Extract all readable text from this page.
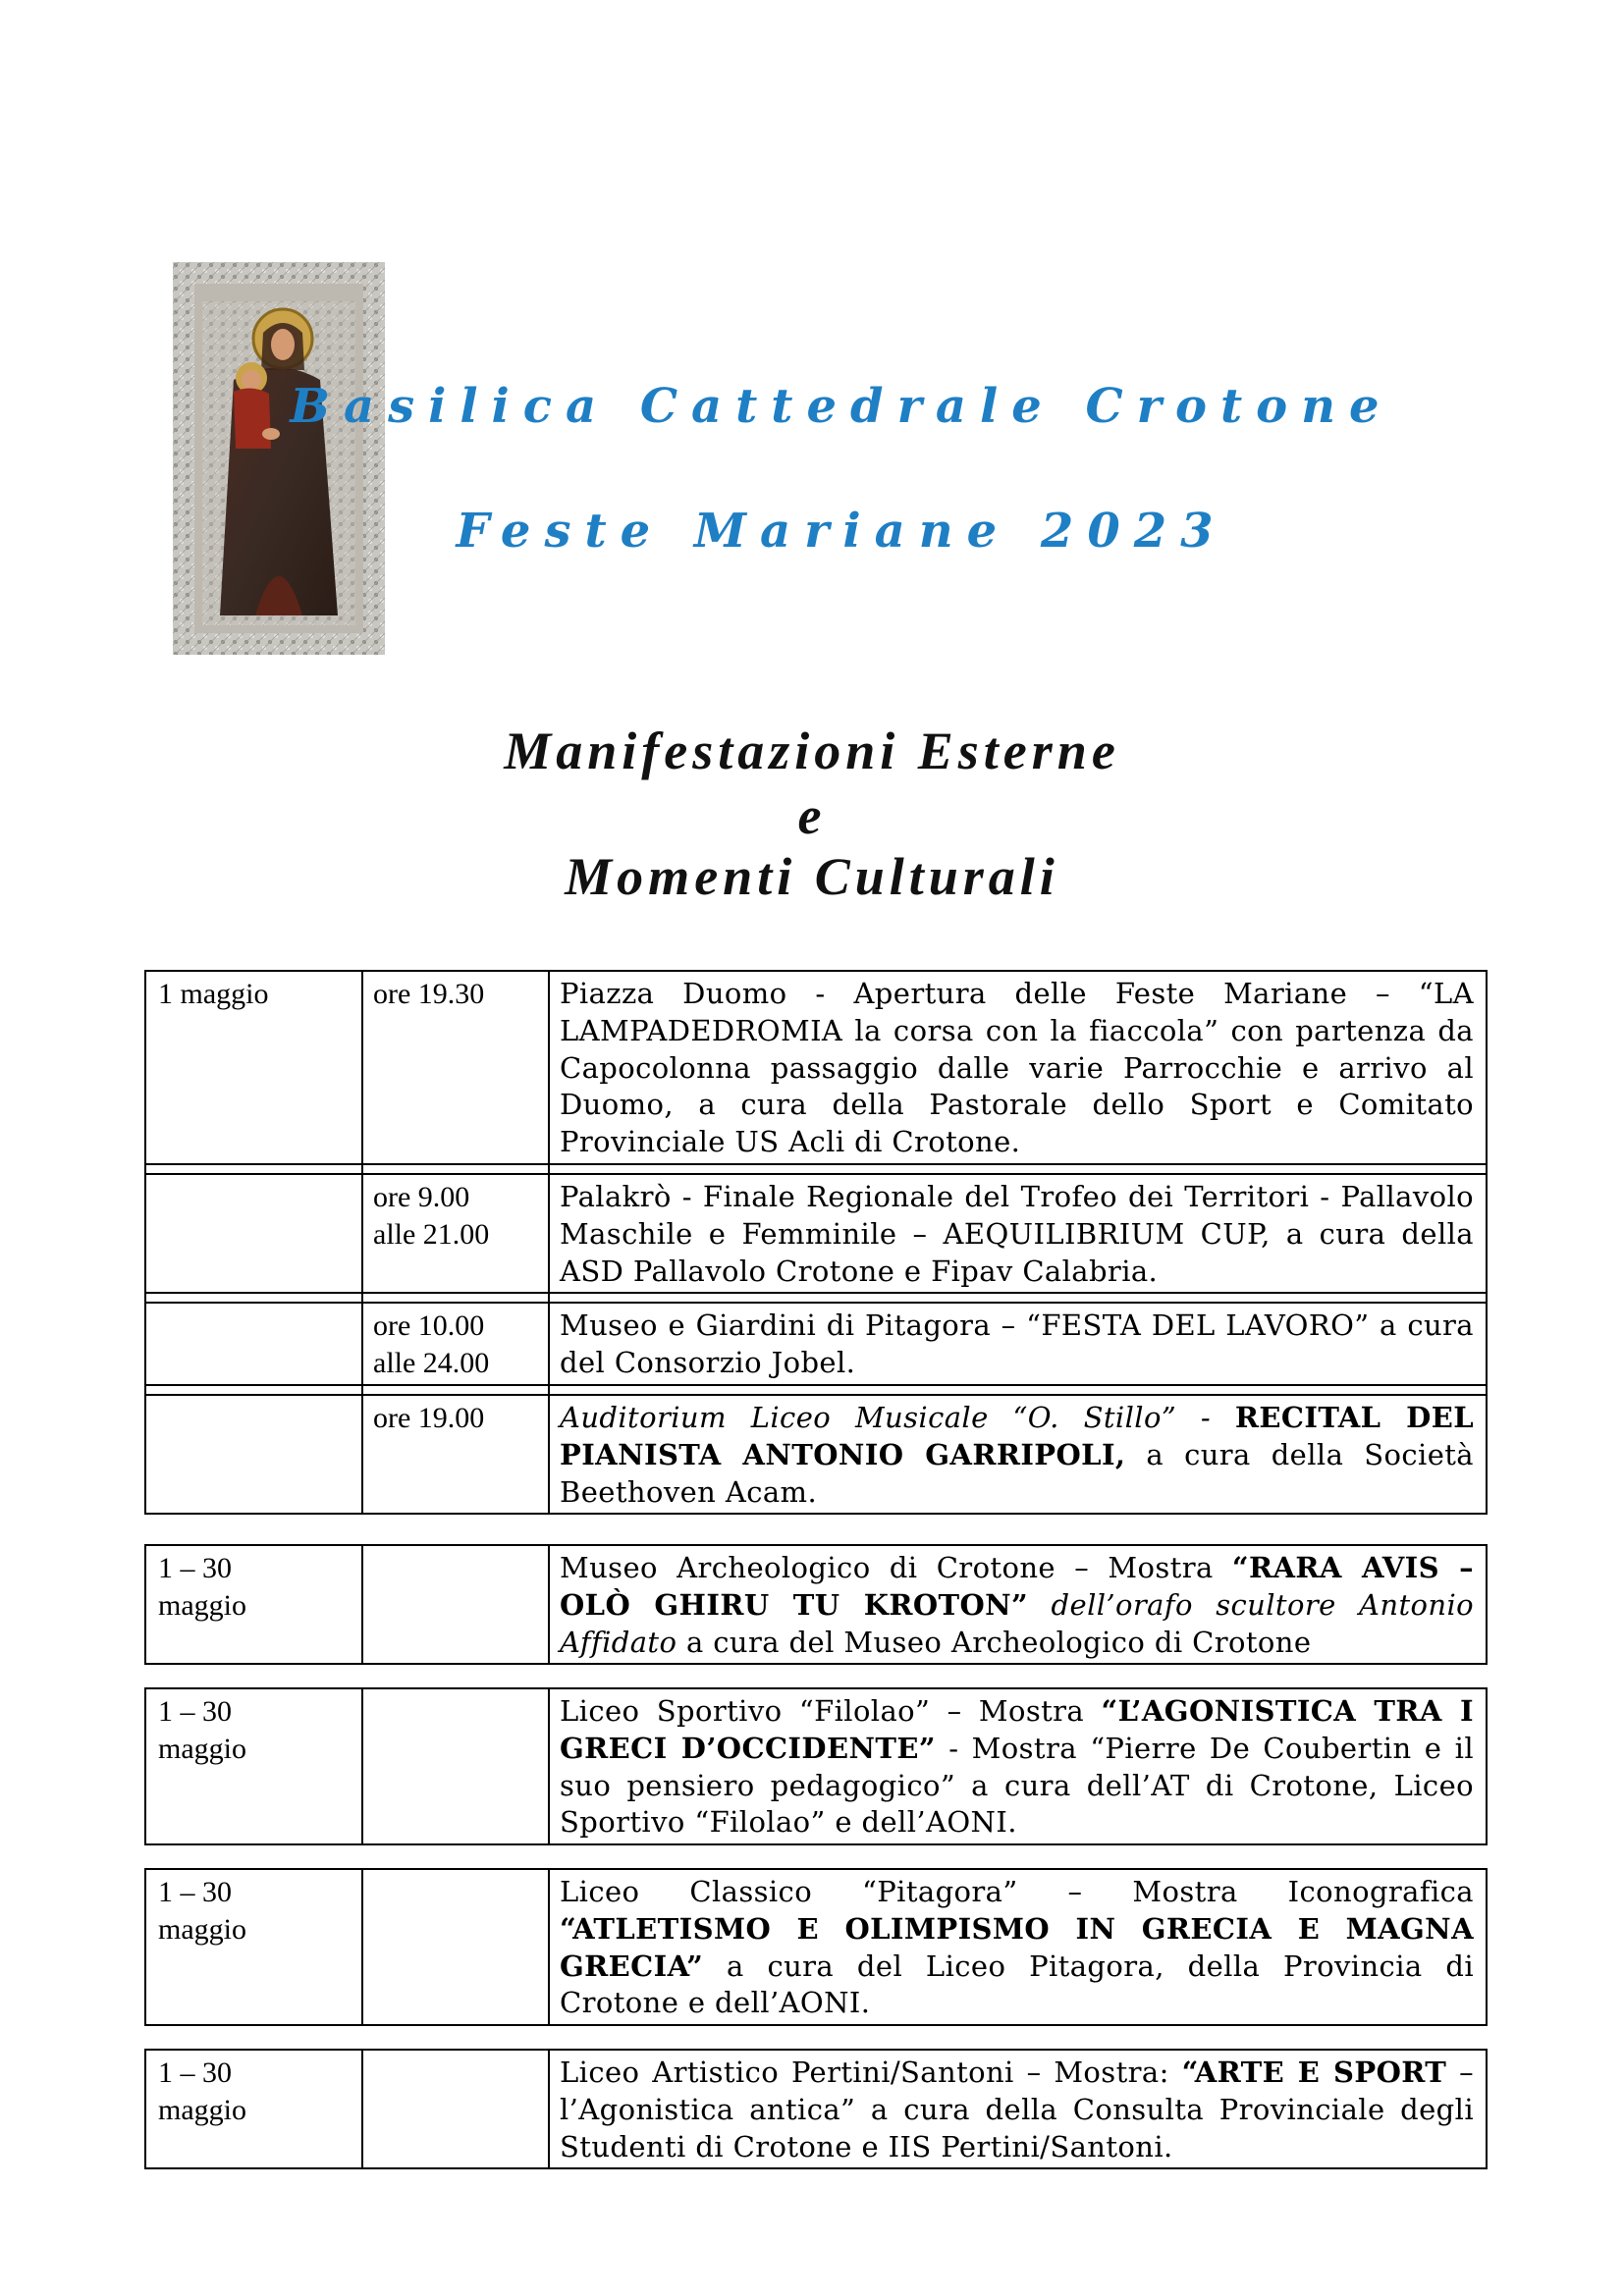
Basilica Cattedrale Crotone
Feste Mariane 2023
Manifestazioni Esterne
e
Momenti Culturali
1 maggio	ore 19.30	Piazza Duomo - Apertura delle Feste Mariane – “LA LAMPADEDROMIA la corsa con la fiaccola” con partenza da Capocolonna passaggio dalle varie Parrocchie e arrivo al Duomo, a cura della Pastorale dello Sport e Comitato Provinciale US Acli di Crotone.

	ore 9.00
alle 21.00	Palakrò - Finale Regionale del Trofeo dei Territori - Pallavolo Maschile e Femminile – AEQUILIBRIUM CUP, a cura della ASD Pallavolo Crotone e Fipav Calabria.

	ore 10.00
alle 24.00	Museo e Giardini di Pitagora – “FESTA DEL LAVORO” a cura del Consorzio Jobel.

	ore 19.00	Auditorium Liceo Musicale “O. Stillo” - RECITAL DEL PIANISTA ANTONIO GARRIPOLI, a cura della Società Beethoven Acam.
1 – 30
maggio
		Museo Archeologico di Crotone – Mostra “RARA AVIS – OLÒ GHIRU TU KROTON” dell’orafo scultore Antonio Affidato a cura del Museo Archeologico di Crotone
1 – 30
maggio
		Liceo Sportivo “Filolao” – Mostra “L’AGONISTICA TRA I GRECI D’OCCIDENTE” - Mostra “Pierre De Coubertin e il suo pensiero pedagogico” a cura dell’AT di Crotone, Liceo Sportivo “Filolao” e dell’AONI.
1 – 30
maggio
		Liceo Classico “Pitagora” – Mostra Iconografica “ATLETISMO E OLIMPISMO IN GRECIA E MAGNA GRECIA” a cura del Liceo Pitagora, della Provincia di Crotone e dell’AONI.
1 – 30
maggio
		Liceo Artistico Pertini/Santoni – Mostra: “ARTE E SPORT – l’Agonistica antica” a cura della Consulta Provinciale degli Studenti di Crotone e IIS Pertini/Santoni.
